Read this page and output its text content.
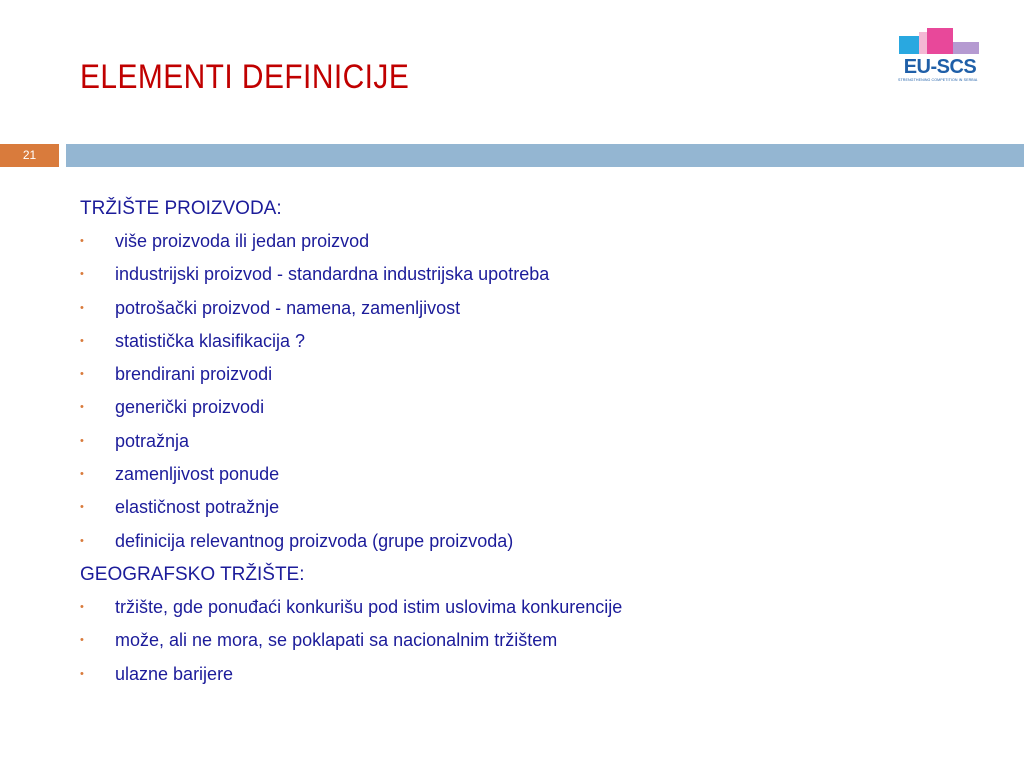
ELEMENTI DEFINICIJE	EU-SCS
STRENGTHENING COMPETITION IN SERBIA
21
TRŽIŠTE PROIZVODA:
• više proizvoda ili jedan proizvod
• industrijski proizvod - standardna industrijska upotreba
• potrošački proizvod - namena, zamenljivost
• statistička klasifikacija ?
• brendirani proizvodi
• generički proizvodi
• potražnja
• zamenljivost ponude
• elastičnost potražnje
• definicija relevantnog proizvoda (grupe proizvoda)
GEOGRAFSKO TRŽIŠTE:
• tržište, gde ponuđaći konkurišu pod istim uslovima konkurencije
• može, ali ne mora, se poklapati sa nacionalnim tržištem
• ulazne barijere
